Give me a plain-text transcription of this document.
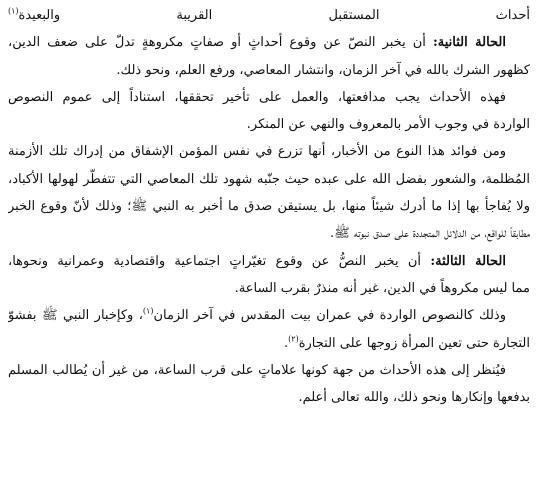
أحداث المستقبل القريبة والبعيدة$^{(١)}$
الحالة الثانية: أن يخبر النصّ عن وقوع أحداثٍ أو صفاتٍ مكروهةٍ تدلّ على ضعف الدين،
كظهور الشرك بالله في آخر الزمان، وانتشار المعاصي، ورفع العلم، ونحو ذلك.
فهذه الأحداث يجب مدافعتها، والعمل على تأخير تحققها، استناداً إلى عموم النصوص
الواردة في وجوب الأمر بالمعروف والنهي عن المنكر.
ومن فوائد هذا النوع من الأخبار، أنها تزرع في نفس المؤمن الإشفاق من إدراك تلك الأزمنة
المُظلمة، والشعور بفضل الله على عبده حيث جنّبه شهود تلك المعاصي التي تتفطّر لهولها الأكباد،
ولا يُفاجأ بها إذا ما أدرك شيئاً منها، بل يستيقن صدق ما أخبر به النبي ﷺ؛ وذلك لأنّ وقوع الخبر
مطابقاً للواقع، من الدلائل المتجددة على صدق نبوته ﷺ.
الحالة الثالثة: أن يخبر النصُّ عن وقوع تغيّراتٍ اجتماعية واقتصادية وعمرانية ونحوها،
مما ليس مكروهاً في الدين، غير أنه منذرٌ بقرب الساعة.
وذلك كالنصوص الواردة في عمران بيت المقدس في آخر الزمان$^{(١)}$، وكإخبار النبي ﷺ بفشوّ
التجارة حتى تعين المرأة زوجها على التجارة$^{(٢)}$.
فيُنظر إلى هذه الأحداث من جهة كونها علاماتٍ على قرب الساعة، من غير أن يُطالب المسلم
بدفعها وإنكارها ونحو ذلك، والله تعالى أعلم.
